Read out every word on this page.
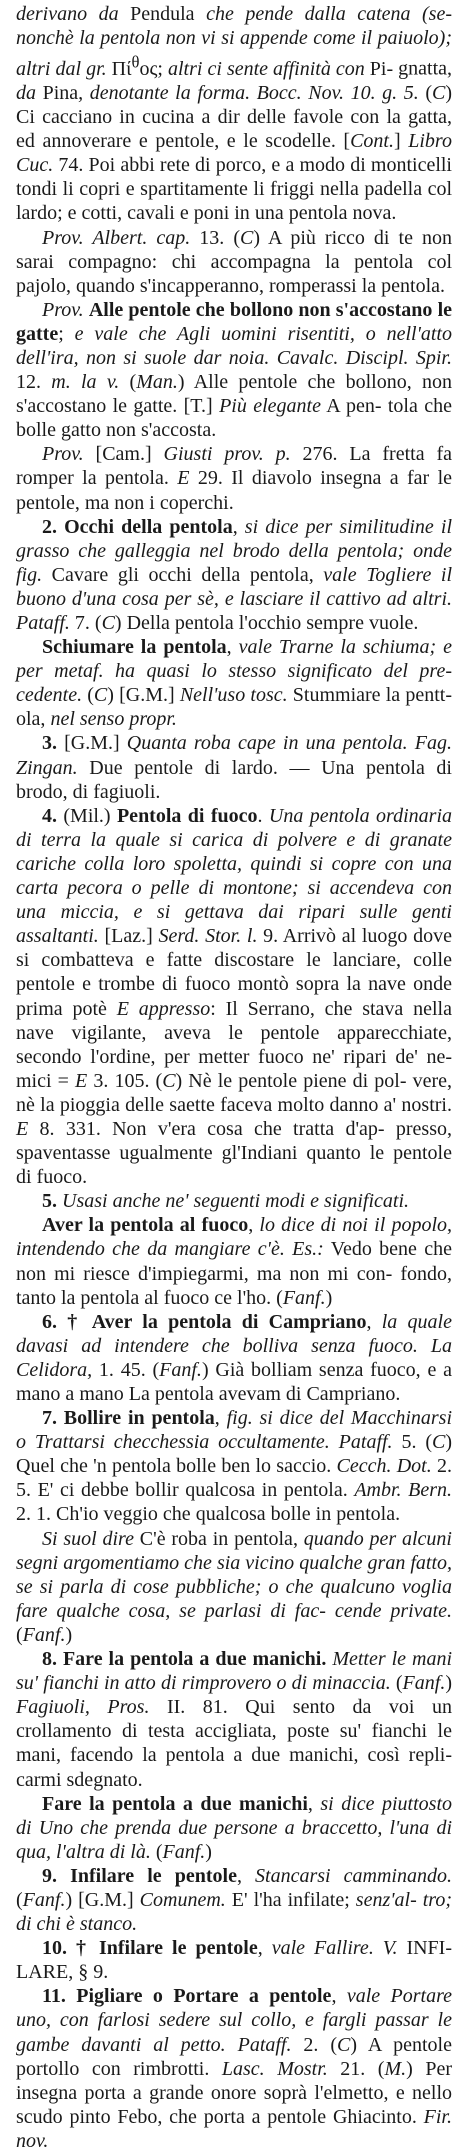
derivano da Pendula che pende dalla catena (se- nonchè la pentola non vi si appende come il paiuolo); altri dal gr. $\Pi ί^\theta o\varsigma$; altri ci sente affinità con Pi- gnatta, da Pina, denotante la forma. Bocc. Nov. 10. g. 5. (C) Ci cacciano in cucina a dir delle favole con la gatta, ed annoverare e pentole, e le scodelle. [Cont.] Libro Cuc. 74. Poi abbi rete di porco, e a modo di monticelli tondi li copri e spartitamente li friggi nella padella col lardo; e cotti, cavali e poni in una pentola nova.

Prov. Albert. cap. 13. (C) A più ricco di te non sarai compagno: chi accompagna la pentola col pajolo, quando s'incapperanno, romperassi la pentola.

Prov. Alle pentole che bollono non s'accostano le gatte; e vale che Agli uomini risentiti, o nell'atto dell'ira, non si suole dar noia. Cavalc. Discipl. Spir. 12. m. la v. (Man.) Alle pentole che bollono, non s'accostano le gatte. [T.] Più elegante A pen- tola che bolle gatto non s'accosta.

Prov. [Cam.] Giusti prov. p. 276. La fretta fa romper la pentola. E 29. Il diavolo insegna a far le pentole, ma non i coperchi.

2. Occhi della pentola, si dice per similitudine il grasso che galleggia nel brodo della pentola; onde fig. Cavare gli occhi della pentola, vale Togliere il buono d'una cosa per sè, e lasciare il cattivo ad altri. Pataff. 7. (C) Della pentola l'occhio sempre vuole.

Schiumare la pentola, vale Trarne la schiuma; e per metaf. ha quasi lo stesso significato del pre- cedente. (C) [G.M.] Nell'uso tosc. Stummiare la pentt- ola, nel senso propr.

3. [G.M.] Quanta roba cape in una pentola. Fag. Zingan. Due pentole di lardo. — Una pentola di brodo, di fagiuoli.

4. (Mil.) Pentola di fuoco. Una pentola ordinaria di terra la quale si carica di polvere e di granate cariche colla loro spoletta, quindi si copre con una carta pecora o pelle di montone; si accendeva con una miccia, e si gettava dai ripari sulle genti assaltanti. [Laz.] Serd. Stor. l. 9. Arrivò al luogo dove si combatteva e fatte discostare le lanciare, colle pentole e trombe di fuoco montò sopra la nave onde prima potè E appresso: Il Serrano, che stava nella nave vigilante, aveva le pentole apparecchiate, secondo l'ordine, per metter fuoco ne' ripari de' ne- mici = E 3. 105. (C) Nè le pentole piene di pol- vere, nè la pioggia delle saette faceva molto danno a' nostri. E 8. 331. Non v'era cosa che tratta d'ap- presso, spaventasse ugualmente gl'Indiani quanto le pentole di fuoco.

5. Usasi anche ne' seguenti modi e significati.

Aver la pentola al fuoco, lo dice di noi il popolo, intendendo che da mangiare c'è. Es.: Vedo bene che non mi riesce d'impiegarmi, ma non mi con- fondo, tanto la pentola al fuoco ce l'ho. (Fanf.)

6. † Aver la pentola di Campriano, la quale davasi ad intendere che bolliva senza fuoco. La Celidora, 1. 45. (Fanf.) Già bolliam senza fuoco, e a mano a mano La pentola avevam di Campriano.

7. Bollire in pentola, fig. si dice del Macchinarsi o Trattarsi checchessia occultamente. Pataff. 5. (C) Quel che 'n pentola bolle ben lo saccio. Cecch. Dot. 2. 5. E' ci debbe bollir qualcosa in pentola. Ambr. Bern. 2. 1. Ch'io veggio che qualcosa bolle in pentola.

Si suol dire C'è roba in pentola, quando per alcuni segni argomentiamo che sia vicino qualche gran fatto, se si parla di cose pubbliche; o che qualcuno voglia fare qualche cosa, se parlasi di fac- cende private. (Fanf.)

8. Fare la pentola a due manichi. Metter le mani su' fianchi in atto di rimprovero o di minaccia. (Fanf.) Fagiuoli, Pros. II. 81. Qui sento da voi un crollamento di testa accigliata, poste su' fianchi le mani, facendo la pentola a due manichi, così repli- carmi sdegnato.

Fare la pentola a due manichi, si dice piuttosto di Uno che prenda due persone a braccetto, l'una di qua, l'altra di là. (Fanf.)

9. Infilare le pentole, Stancarsi camminando. (Fanf.) [G.M.] Comunem. E' l'ha infilate; senz'al- tro; di chi è stanco.

10. † Infilare le pentole, vale Fallire. V. INFI- LARE, § 9.

11. Pigliare o Portare a pentole, vale Portare uno, con farlosi sedere sul collo, e fargli passar le gambe davanti al petto. Pataff. 2. (C) A pentole portollo con rimbrotti. Lasc. Mostr. 21. (M.) Per insegna porta a grande onore soprà l'elmetto, e nello scudo pinto Febo, che porta a pentole Ghiacinto. Fir. nov.
